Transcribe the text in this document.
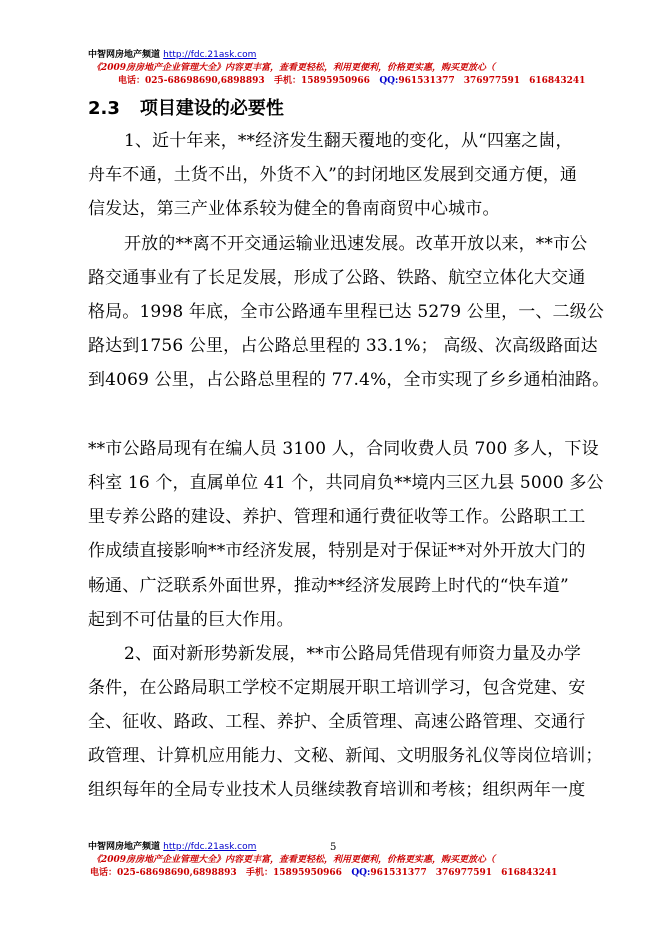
中智网房地产频道 http://fdc.21ask.com
《2009房房地产企业管理大全》内容更丰富，查看更轻松，利用更便利，价格更实惠，购买更放心（
电话：025-68698690,6898893 手机：15895950966 QQ:961531377　376977591　616843241
2.3 项目建设的必要性
1、近十年来，**经济发生翻天覆地的变化，从“四塞之崮，
舟车不通，土货不出，外货不入”的封闭地区发展到交通方便，通
信发达，第三产业体系较为健全的鲁南商贸中心城市。
开放的**离不开交通运输业迅速发展。改革开放以来，**市公
路交通事业有了长足发展，形成了公路、铁路、航空立体化大交通
格局。1998 年底，全市公路通车里程已达 5279 公里，一、二级公
路达到1756 公里，占公路总里程的 33.1%； 高级、次高级路面达
到4069 公里，占公路总里程的 77.4%，全市实现了乡乡通柏油路。
**市公路局现有在编人员 3100 人，合同收费人员 700 多人，下设
科室 16 个，直属单位 41 个，共同肩负**境内三区九县 5000 多公
里专养公路的建设、养护、管理和通行费征收等工作。公路职工工
作成绩直接影响**市经济发展，特别是对于保证**对外开放大门的
畅通、广泛联系外面世界，推动**经济发展跨上时代的“快车道”
起到不可估量的巨大作用。
2、面对新形势新发展，**市公路局凭借现有师资力量及办学
条件，在公路局职工学校不定期展开职工培训学习，包含党建、安
全、征收、路政、工程、养护、全质管理、高速公路管理、交通行
政管理、计算机应用能力、文秘、新闻、文明服务礼仪等岗位培训；
组织每年的全局专业技术人员继续教育培训和考核；组织两年一度
中智网房地产频道 http://fdc.21ask.com	5
《2009房房地产企业管理大全》内容更丰富，查看更轻松，利用更便利，价格更实惠，购买更放心（
电话：025-68698690,6898893 手机：15895950966 QQ:961531377　376977591　616843241
